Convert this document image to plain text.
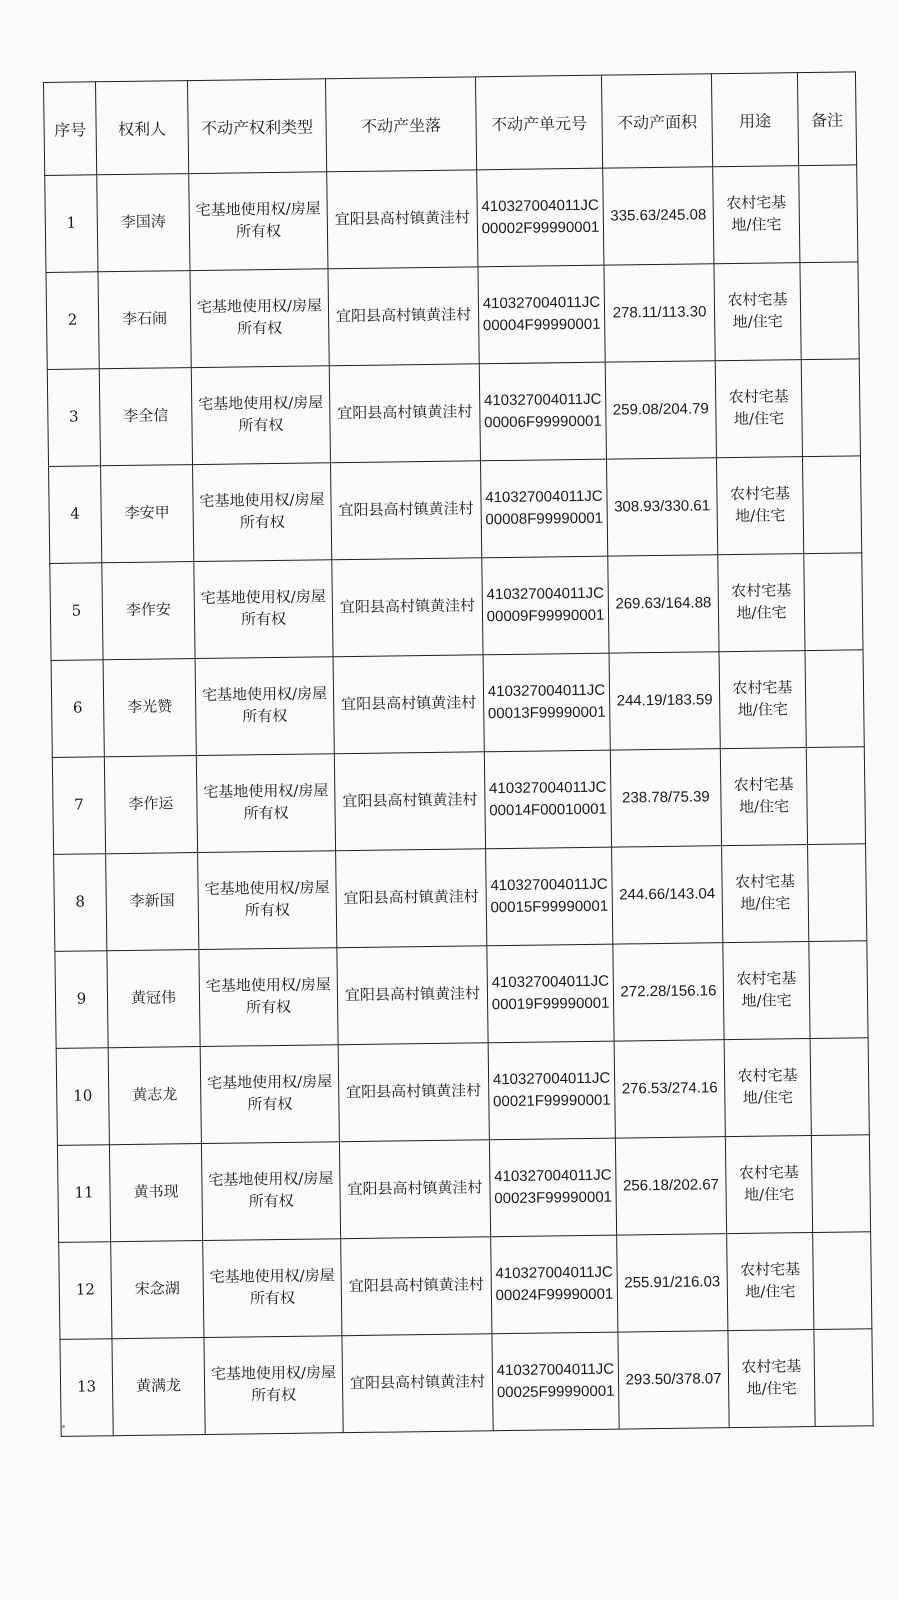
序号	权利人	不动产权利类型	不动产坐落	不动产单元号	不动产面积	用途	备注
1	李国涛	宅基地使用权/房屋所有权	宜阳县高村镇黄洼村	410327004011JC00002F99990001	335.63/245.08	农村宅基地/住宅	
2	李石闹	宅基地使用权/房屋所有权	宜阳县高村镇黄洼村	410327004011JC00004F99990001	278.11/113.30	农村宅基地/住宅	
3	李全信	宅基地使用权/房屋所有权	宜阳县高村镇黄洼村	410327004011JC00006F99990001	259.08/204.79	农村宅基地/住宅	
4	李安甲	宅基地使用权/房屋所有权	宜阳县高村镇黄洼村	410327004011JC00008F99990001	308.93/330.61	农村宅基地/住宅	
5	李作安	宅基地使用权/房屋所有权	宜阳县高村镇黄洼村	410327004011JC00009F99990001	269.63/164.88	农村宅基地/住宅	
6	李光赞	宅基地使用权/房屋所有权	宜阳县高村镇黄洼村	410327004011JC00013F99990001	244.19/183.59	农村宅基地/住宅	
7	李作运	宅基地使用权/房屋所有权	宜阳县高村镇黄洼村	410327004011JC00014F00010001	238.78/75.39	农村宅基地/住宅	
8	李新国	宅基地使用权/房屋所有权	宜阳县高村镇黄洼村	410327004011JC00015F99990001	244.66/143.04	农村宅基地/住宅	
9	黄冠伟	宅基地使用权/房屋所有权	宜阳县高村镇黄洼村	410327004011JC00019F99990001	272.28/156.16	农村宅基地/住宅	
10	黄志龙	宅基地使用权/房屋所有权	宜阳县高村镇黄洼村	410327004011JC00021F99990001	276.53/274.16	农村宅基地/住宅	
11	黄书现	宅基地使用权/房屋所有权	宜阳县高村镇黄洼村	410327004011JC00023F99990001	256.18/202.67	农村宅基地/住宅	
12	宋念湖	宅基地使用权/房屋所有权	宜阳县高村镇黄洼村	410327004011JC00024F99990001	255.91/216.03	农村宅基地/住宅	
13	黄满龙	宅基地使用权/房屋所有权	宜阳县高村镇黄洼村	410327004011JC00025F99990001	293.50/378.07	农村宅基地/住宅	
